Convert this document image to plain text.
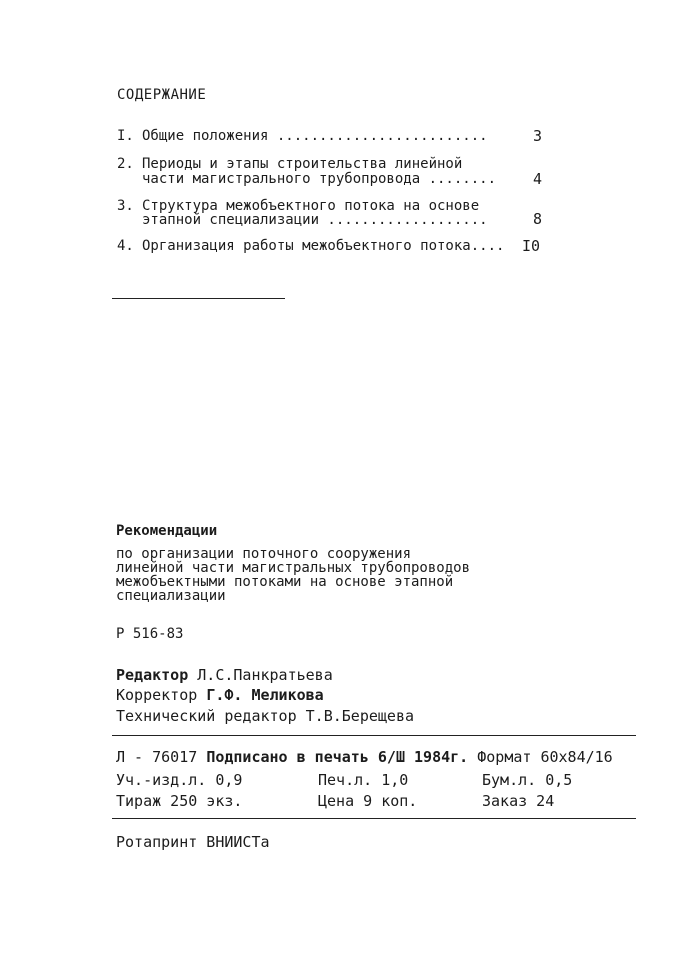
СОДЕРЖАНИЕ
I. Общие положения .........................	3
2. Периоды и этапы строительства линейной
части магистрального трубопровода ........ 4
3. Структура межобъектного потока на основе
этапной специализации ...................	8
4. Организация работы межобъектного потока.... I0
Рекомендации
по организации поточного сооружения
линейной части магистральных трубопроводов
межобъектными потоками на основе этапной
специализации
Р 516-83
Редактор Л.С.Панкратьева
Корректор Г.Ф. Меликова
Технический редактор Т.В.Берещева
Л - 76017 Подписано в печать 6/Ш 1984г. Формат 60x84/16
Уч.-изд.л. 0,9	Печ.л. 1,0	Бум.л. 0,5
Тираж 250 экз.	Цена 9 коп.	Заказ 24
Ротапринт ВНИИСТа
